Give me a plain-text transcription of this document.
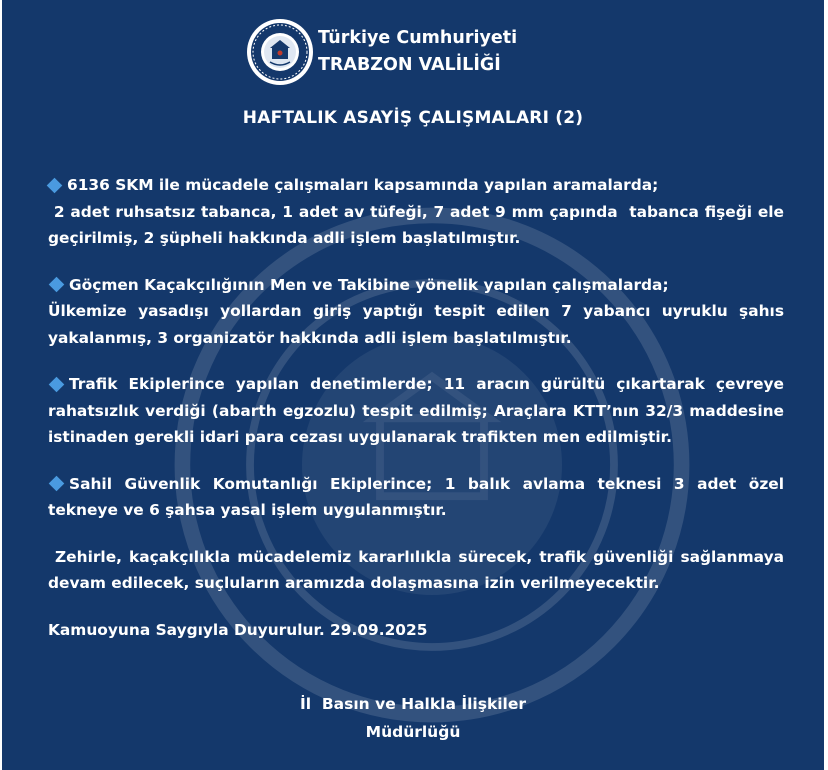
Türkiye Cumhuriyeti
TRABZON VALİLİĞİ
HAFTALIK ASAYİŞ ÇALIŞMALARI (2)
6136 SKM ile mücadele çalışmaları kapsamında yapılan aramalarda;
2 adet ruhsatsız tabanca, 1 adet av tüfeği, 7 adet 9 mm çapında  tabanca fişeği ele
geçirilmiş, 2 şüpheli hakkında adli işlem başlatılmıştır.
Göçmen Kaçakçılığının Men ve Takibine yönelik yapılan çalışmalarda;
Ülkemize yasadışı yollardan giriş yaptığı tespit edilen 7 yabancı uyruklu şahıs
yakalanmış, 3 organizatör hakkında adli işlem başlatılmıştır.
Trafik Ekiplerince yapılan denetimlerde; 11 aracın gürültü çıkartarak çevreye
rahatsızlık verdiği (abarth egzozlu) tespit edilmiş; Araçlara KTT’nın 32/3 maddesine
istinaden gerekli idari para cezası uygulanarak trafikten men edilmiştir.
Sahil Güvenlik Komutanlığı Ekiplerince; 1 balık avlama teknesi 3 adet özel
tekneye ve 6 şahsa yasal işlem uygulanmıştır.
Zehirle, kaçakçılıkla mücadelemiz kararlılıkla sürecek, trafik güvenliği sağlanmaya
devam edilecek, suçluların aramızda dolaşmasına izin verilmeyecektir.
Kamuoyuna Saygıyla Duyurulur. 29.09.2025
İl  Basın ve Halkla İlişkiler
Müdürlüğü
